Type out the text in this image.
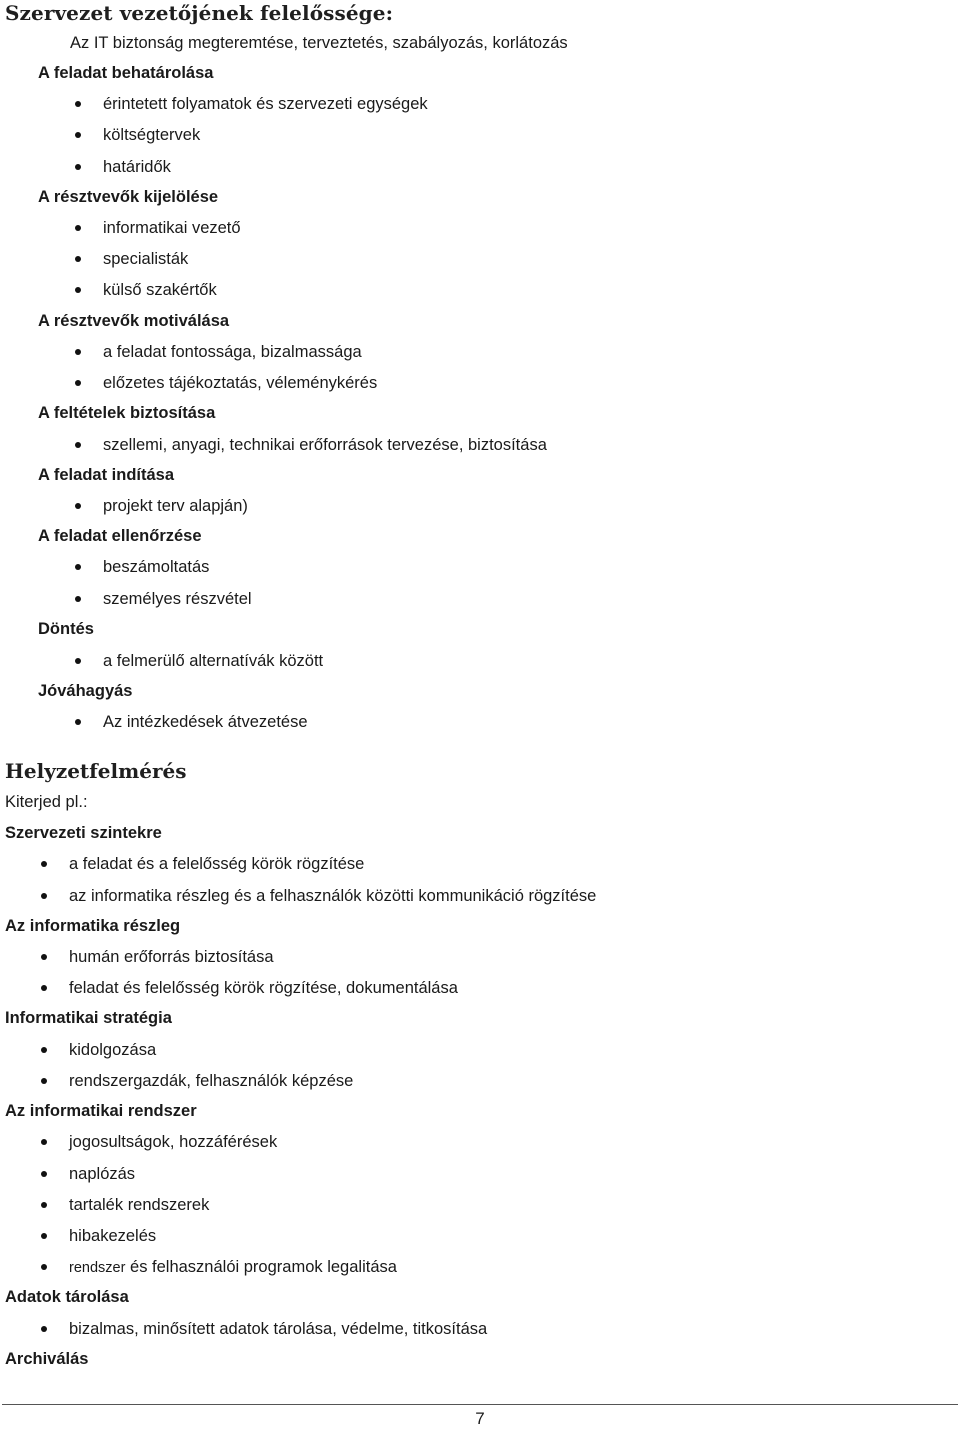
Szervezet vezetőjének felelőssége:
Az IT biztonság megteremtése, terveztetés, szabályozás, korlátozás
A feladat behatárolása
érintetett folyamatok és szervezeti egységek
költségtervek
határidők
A résztvevők kijelölése
informatikai vezető
specialisták
külső szakértők
A résztvevők motiválása
a feladat fontossága, bizalmassága
előzetes tájékoztatás, véleménykérés
A feltételek biztosítása
szellemi, anyagi, technikai erőforrások tervezése, biztosítása
A feladat indítása
projekt terv alapján)
A feladat ellenőrzése
beszámoltatás
személyes részvétel
Döntés
a felmerülő alternatívák között
Jóváhagyás
Az intézkedések átvezetése
Helyzetfelmérés
Kiterjed pl.:
Szervezeti szintekre
a feladat és a felelősség körök rögzítése
az informatika részleg és a felhasználók közötti kommunikáció rögzítése
Az informatika részleg
humán erőforrás biztosítása
feladat és felelősség körök rögzítése, dokumentálása
Informatikai stratégia
kidolgozása
rendszergazdák, felhasználók képzése
Az informatikai rendszer
jogosultságok, hozzáférések
naplózás
tartalék rendszerek
hibakezelés
rendszer és felhasználói programok legalitása
Adatok tárolása
bizalmas, minősített adatok tárolása, védelme, titkosítása
Archiválás
7
